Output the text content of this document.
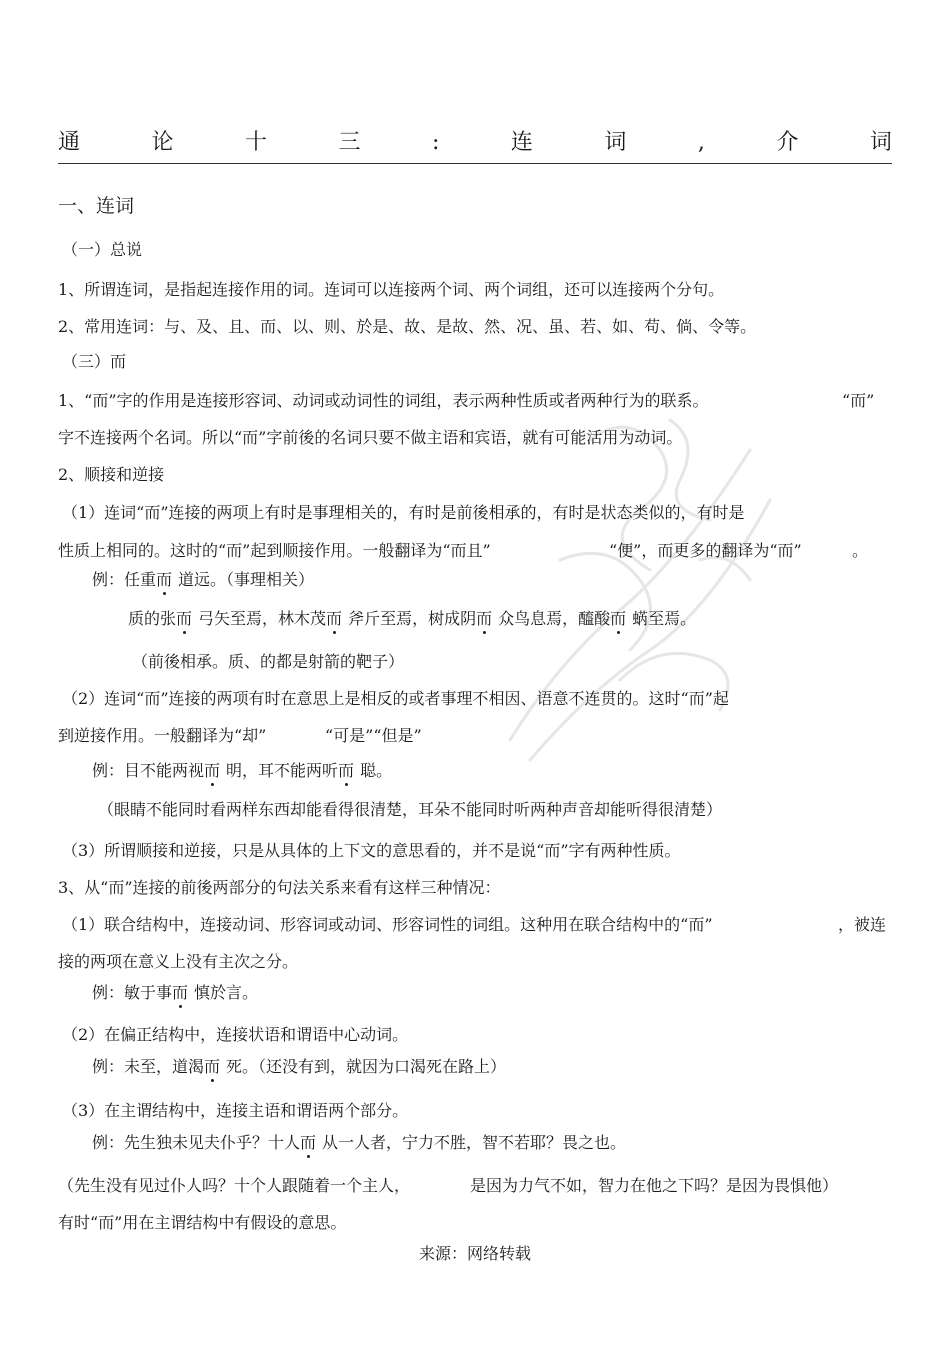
通	论	十	三	:	连	词	,	介	词
一、连词
（一）总说
1、所谓连词，是指起连接作用的词。连词可以连接两个词、两个词组，还可以连接两个分句。
2、常用连词：与、及、且、而、以、则、於是、故、是故、然、况、虽、若、如、苟、倘、令等。
（三）而
1、“而”字的作用是连接形容词、动词或动词性的词组，表示两种性质或者两种行为的联系。	“而”
字不连接两个名词。所以“而”字前後的名词只要不做主语和宾语，就有可能活用为动词。
2、顺接和逆接
（1）连词“而”连接的两项上有时是事理相关的，有时是前後相承的，有时是状态类似的，有时是
性质上相同的。这时的“而”起到顺接作用。一般翻译为“而且”	“便”，而更多的翻译为“而”	。
例：任重而 道远。（事理相关）
质的张而 弓矢至焉，林木茂而 斧斤至焉，树成阴而 众鸟息焉，醯酸而 蜹至焉。
（前後相承。质、的都是射箭的靶子）
（2）连词“而”连接的两项有时在意思上是相反的或者事理不相因、语意不连贯的。这时“而”起
到逆接作用。一般翻译为“却”	“可是”“但是”
例：目不能两视而 明，耳不能两听而 聪。
（眼睛不能同时看两样东西却能看得很清楚，耳朵不能同时听两种声音却能听得很清楚）
（3）所谓顺接和逆接，只是从具体的上下文的意思看的，并不是说“而”字有两种性质。
3、从“而”连接的前後两部分的句法关系来看有这样三种情况：
（1）联合结构中，连接动词、形容词或动词、形容词性的词组。这种用在联合结构中的“而”	，被连
接的两项在意义上没有主次之分。
例：敏于事而 慎於言。
（2）在偏正结构中，连接状语和谓语中心动词。
例：未至，道渴而 死。（还没有到，就因为口渴死在路上）
（3）在主谓结构中，连接主语和谓语两个部分。
例：先生独未见夫仆乎？十人而 从一人者，宁力不胜，智不若耶？畏之也。
（先生没有见过仆人吗？十个人跟随着一个主人，	是因为力气不如，智力在他之下吗？是因为畏惧他）
有时“而”用在主谓结构中有假设的意思。
来源：网络转载
